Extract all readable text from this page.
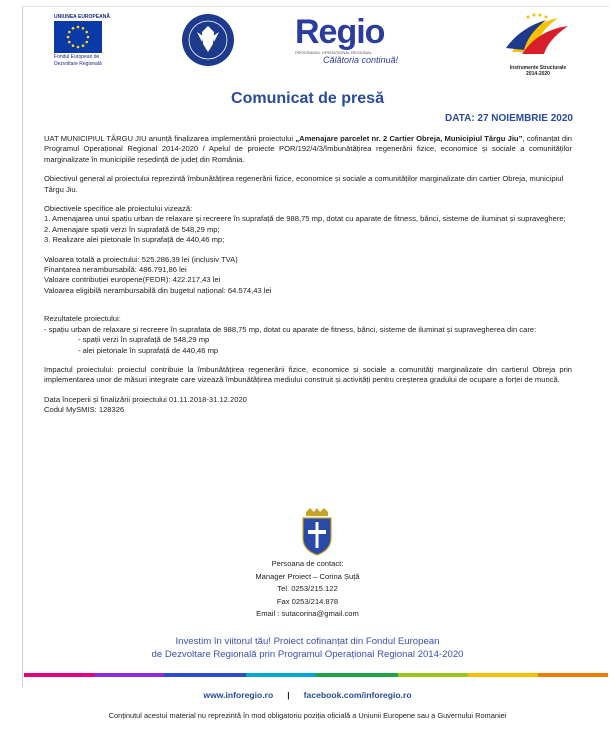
UNIUNEA EUROPEANĂ
Fondul European de
Dezvoltare Regională
Regio
PROGRAMUL OPERAȚIONAL REGIONAL
Călătoria continuă!
Instrumente Structurale
2014-2020
Comunicat de presă
DATA: 27 NOIEMBRIE 2020

UAT MUNICIPIUL TÂRGU JIU anunță finalizarea implementării proiectului „Amenajare parcelet nr. 2 Cartier Obreja, Municipiul Târgu Jiu”, cofinanțat din Programul Operațional Regional 2014-2020 / Apelul de proiecte POR/192/4/3/îmbunătățirea regenerării fizice, economice și sociale a comunităților marginalizate în municipiile reședință de județ din România.

Obiectivul general al proiectului reprezintă îmbunătățirea regenerării fizice, economice și sociale a comunităților marginalizate din cartier Obreja, municipiul Târgu Jiu.

Obiectivele specifice ale proiectului vizează:

1. Amenajarea unui spațiu urban de relaxare și recreere în suprafață de 988,75 mp, dotat cu aparate de fitness, bănci, sisteme de iluminat și supraveghere;

2. Amenajare spații verzi în suprafață de 548,29 mp;

3. Realizare alei pietonale în suprafață de 440,46 mp;

Valoarea totală a proiectului: 525.286,39 lei (inclusiv TVA)

Finanțarea nerambursabilă: 486.791,86 lei

Valoare contribuției europene(FEDR): 422.217,43 lei

Valoarea eligibilă nerambursabilă din bugetul național: 64.574,43 lei

Rezultatele proiectului:

- spațiu urban de relaxare și recreere în suprafata de 988,75 mp, dotat cu aparate de fitness, bănci, sisteme de iluminat și supravegherea din care:

- spații verzi în suprafață de 548,29 mp

- alei pietonale în suprafață de 440,46 mp

Impactul proiectului: proiectul contribuie la îmbunătățirea regenerării fizice, economice și sociale a comunități marginalizate din cartierul Obreja prin implementarea unor de măsuri integrate care vizează îmbunătățirea mediului construit și activități pentru creșterea gradului de ocupare a forței de muncă.

Data începerii și finalizării proiectului 01.11.2018-31.12.2020

Codul MySMIS: 128326

Persoana de contact:
Manager Proiect – Corina Șuță
Tel. 0253/215.122
Fax 0253/214.878
Email : sutacorina@gmail.com
Investim în viitorul tău! Proiect cofinanțat din Fondul European
de Dezvoltare Regională prin Programul Operațional Regional 2014-2020
www.inforegio.ro | facebook.com/inforegio.ro
Conținutul acestui material nu reprezintă în mod obligatoriu poziția oficială a Uniunii Europene sau a Guvernului Romaniei
